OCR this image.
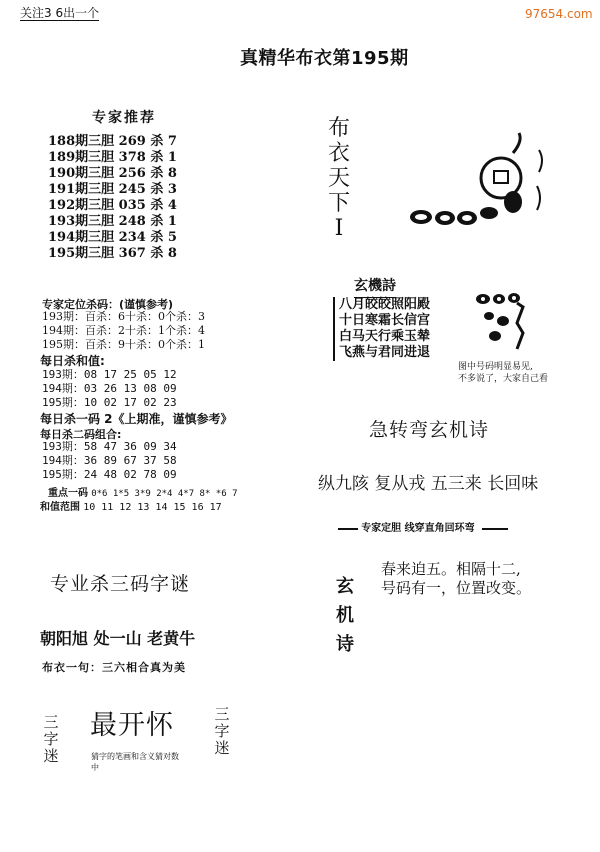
关注3 6出一个	97654.com
真精华布衣第195期
专家推荐
188期三胆 269 杀 7
189期三胆 378 杀 1
190期三胆 256 杀 8
191期三胆 245 杀 3
192期三胆 035 杀 4
193期三胆 248 杀 1
194期三胆 234 杀 5
195期三胆 367 杀 8
专家定位杀码：(谨慎参考)
193期：百杀：6十杀：0个杀：3
194期：百杀：2十杀：1个杀：4
195期：百杀：9十杀：0个杀：1
每日杀和值:
193期：08 17 25 05 12
194期：03 26 13 08 09
195期：10 02 17 02 23
每日杀一码 2《上期准，谨慎参考》
每日杀二码组合:
193期：58 47 36 09 34
194期：36 89 67 37 58
195期：24 48 02 78 09
重点一码 0*6 1*5 3*9 2*4 4*7 8* *6 7
和值范围 10 11 12 13 14 15 16 17
专业杀三码字谜
朝阳旭 处一山 老黄牛
布衣一句：三六相合真为美
三字迷
最开怀	三字迷
猜字的笔画和含义猜对数中
布衣天下I
玄機詩
八月皎皎照阳殿
十日寒霜长信宫
白马天行乘玉辇
飞燕与君同进退
图中号码明显易见,
不多说了，大家自己看
急转弯玄机诗
纵九陔 复从戎 五三来 长回味
专家定胆 线穿直角回环弯
玄机诗
春来迫五。相隔十二,
号码有一，位置改变。
